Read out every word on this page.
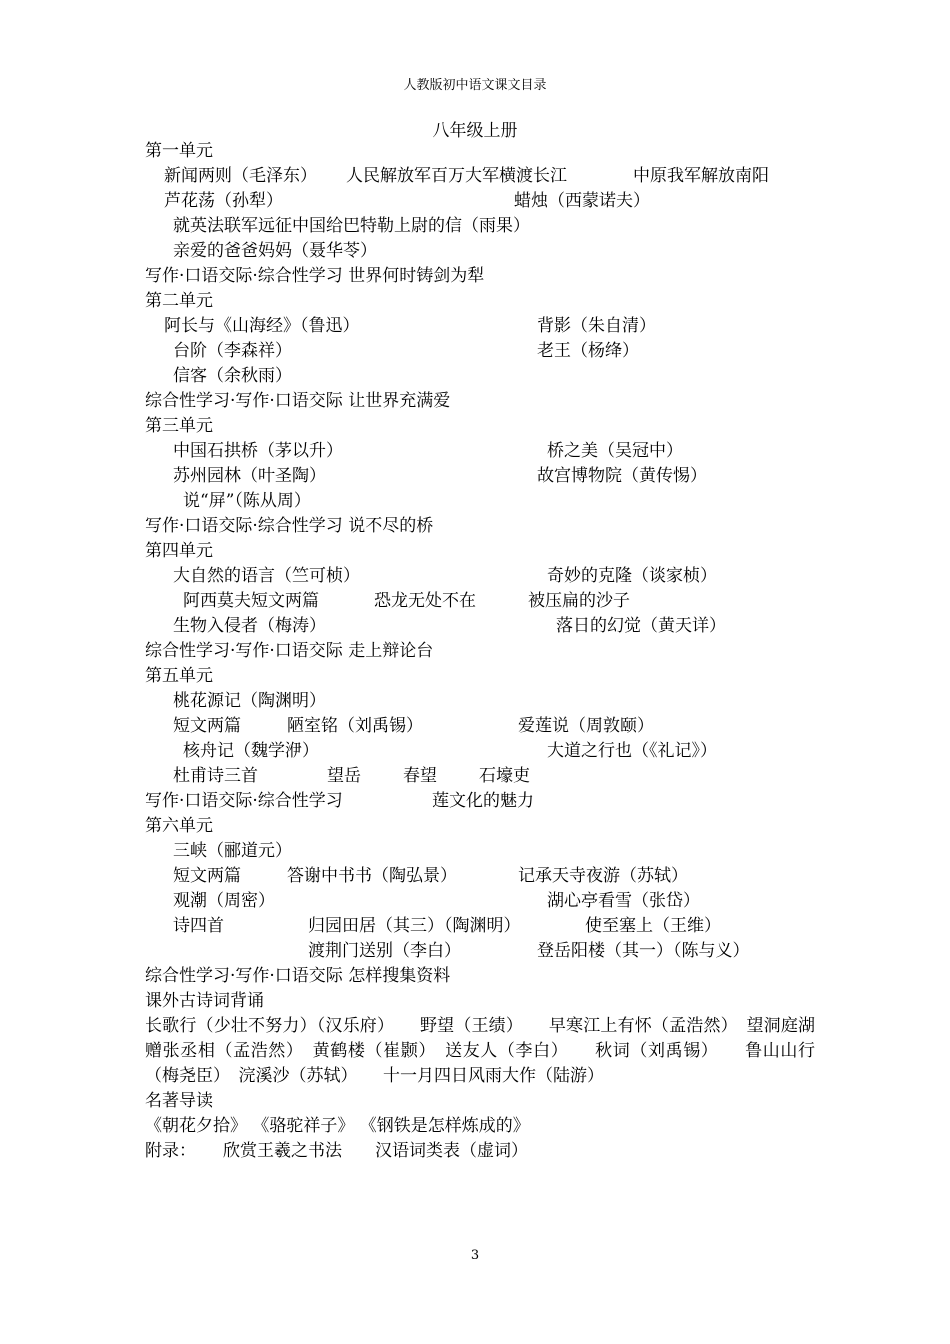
人教版初中语文课文目录
八年级上册
第一单元
新闻两则（毛泽东） 人民解放军百万大军横渡长江	中原我军解放南阳
芦花荡（孙犁）	蜡烛（西蒙诺夫）
就英法联军远征中国给巴特勒上尉的信（雨果）
亲爱的爸爸妈妈（聂华苓）
写作·口语交际·综合性学习 世界何时铸剑为犁
第二单元
阿长与《山海经》（鲁迅）	背影（朱自清）
台阶（李森祥）	老王（杨绛）
信客（余秋雨）
综合性学习·写作·口语交际 让世界充满爱
第三单元
中国石拱桥（茅以升）	桥之美（吴冠中）
苏州园林（叶圣陶）	故宫博物院（黄传惕）
说“屏”（陈从周）
写作·口语交际·综合性学习 说不尽的桥
第四单元
大自然的语言（竺可桢）	奇妙的克隆（谈家桢）
阿西莫夫短文两篇	恐龙无处不在	被压扁的沙子
生物入侵者（梅涛）	落日的幻觉（黄天详）
综合性学习·写作·口语交际 走上辩论台
第五单元
桃花源记（陶渊明）
短文两篇	陋室铭（刘禹锡）	爱莲说（周敦颐）
核舟记（魏学洢）	大道之行也（《礼记》）
杜甫诗三首	望岳 春望 石壕吏
写作·口语交际·综合性学习	莲文化的魅力
第六单元
三峡（郦道元）
短文两篇	答谢中书书（陶弘景）	记承天寺夜游（苏轼）
观潮（周密）	湖心亭看雪（张岱）
诗四首	归园田居（其三）（陶渊明）	使至塞上（王维）
渡荆门送别（李白）	登岳阳楼（其一）（陈与义）
综合性学习·写作·口语交际 怎样搜集资料
课外古诗词背诵
长歌行（少壮不努力）（汉乐府）　　野望（王绩）　　早寒江上有怀（孟浩然）　望洞庭湖赠张丞相（孟浩然）　黄鹤楼（崔颢）　送友人（李白）　　秋词（刘禹锡）　　鲁山山行（梅尧臣）　浣溪沙（苏轼）　　十一月四日风雨大作（陆游）
名著导读
《朝花夕拾》 《骆驼祥子》 《钢铁是怎样炼成的》
附录： 欣赏王羲之书法 汉语词类表（虚词）
3
